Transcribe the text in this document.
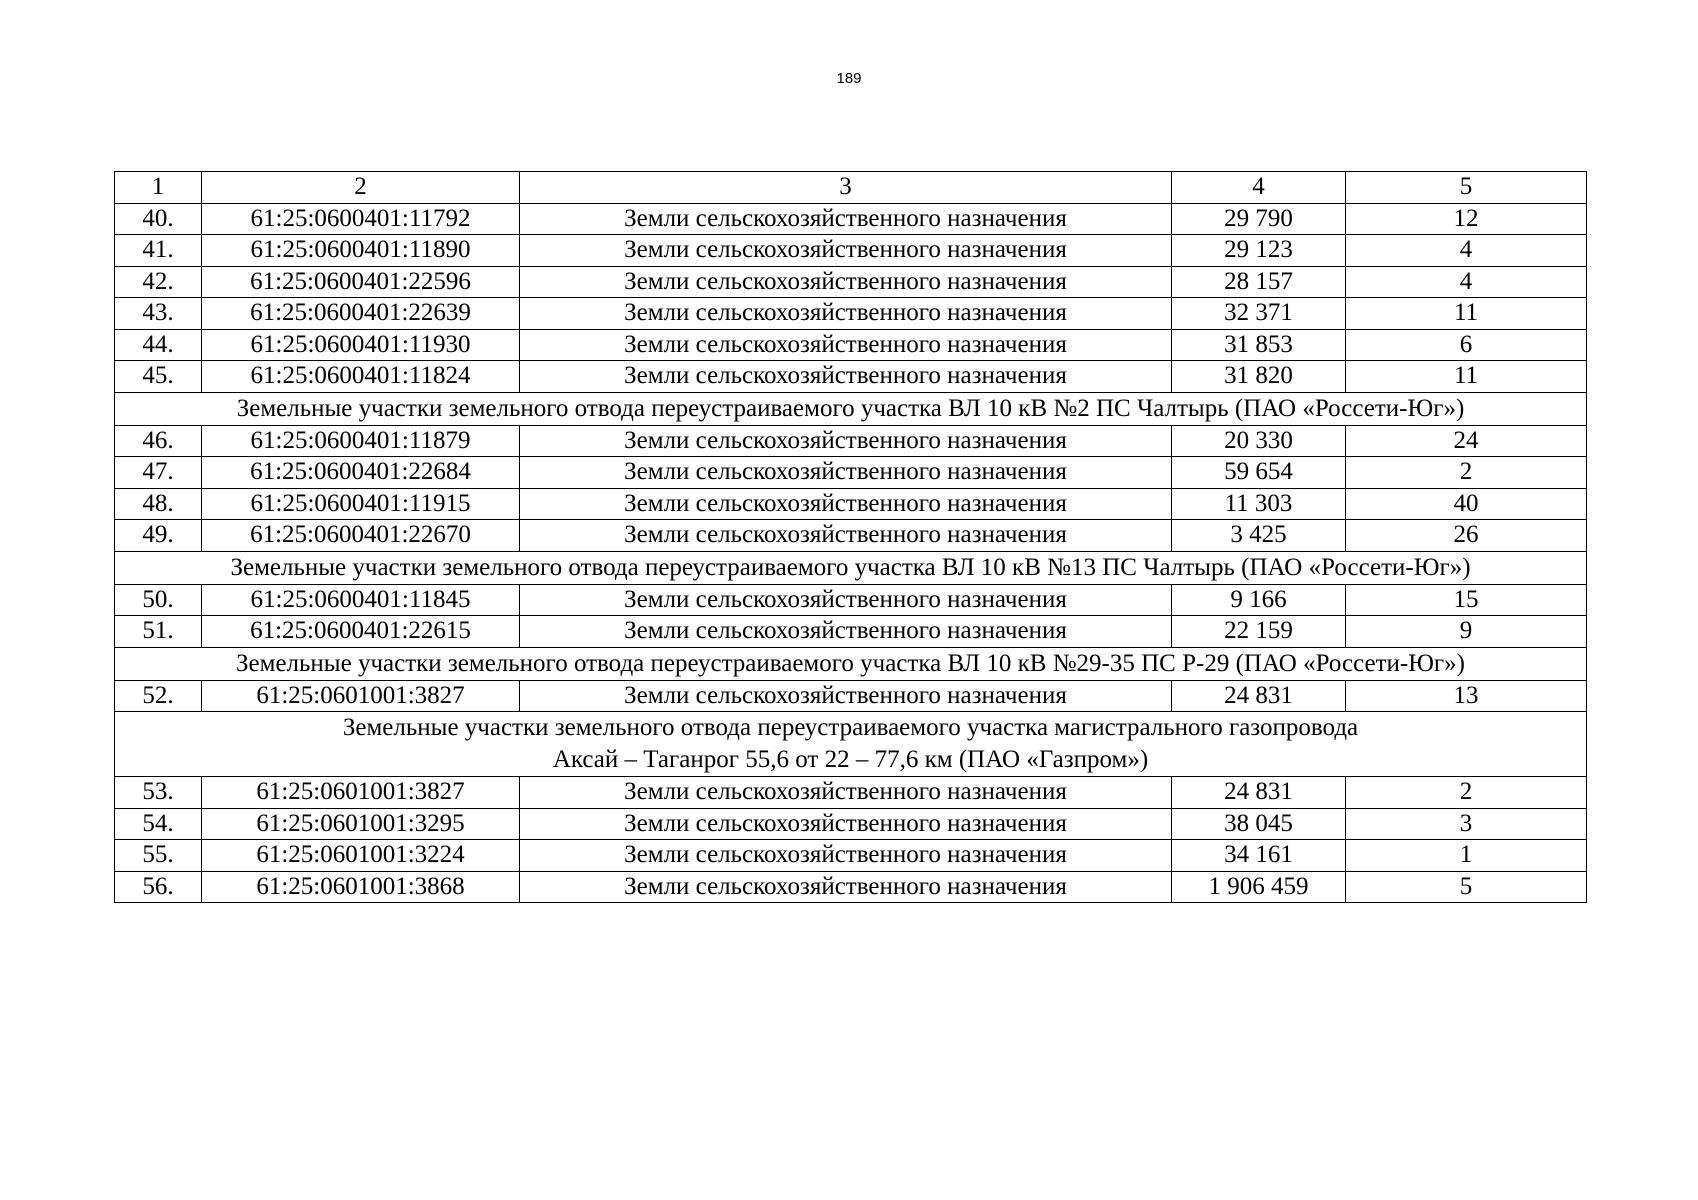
189
1	2	3	4	5
40.	61:25:0600401:11792	Земли сельскохозяйственного назначения	29 790	12
41.	61:25:0600401:11890	Земли сельскохозяйственного назначения	29 123	4
42.	61:25:0600401:22596	Земли сельскохозяйственного назначения	28 157	4
43.	61:25:0600401:22639	Земли сельскохозяйственного назначения	32 371	11
44.	61:25:0600401:11930	Земли сельскохозяйственного назначения	31 853	6
45.	61:25:0600401:11824	Земли сельскохозяйственного назначения	31 820	11

Земельные участки земельного отвода переустраиваемого участка ВЛ 10 кВ №2 ПС Чалтырь (ПАО «Россети-Юг»)				

46.	61:25:0600401:11879	Земли сельскохозяйственного назначения	20 330	24
47.	61:25:0600401:22684	Земли сельскохозяйственного назначения	59 654	2
48.	61:25:0600401:11915	Земли сельскохозяйственного назначения	11 303	40
49.	61:25:0600401:22670	Земли сельскохозяйственного назначения	3 425	26

Земельные участки земельного отвода переустраиваемого участка ВЛ 10 кВ №13 ПС Чалтырь (ПАО «Россети-Юг»)				

50.	61:25:0600401:11845	Земли сельскохозяйственного назначения	9 166	15
51.	61:25:0600401:22615	Земли сельскохозяйственного назначения	22 159	9

Земельные участки земельного отвода переустраиваемого участка ВЛ 10 кВ №29-35 ПС Р-29 (ПАО «Россети-Юг»)				

52.	61:25:0601001:3827	Земли сельскохозяйственного назначения	24 831	13

Земельные участки земельного отвода переустраиваемого участка магистрального газопровода
Аксай – Таганрог 55,6 от 22 – 77,6 км (ПАО «Газпром»)				

53.	61:25:0601001:3827	Земли сельскохозяйственного назначения	24 831	2
54.	61:25:0601001:3295	Земли сельскохозяйственного назначения	38 045	3
55.	61:25:0601001:3224	Земли сельскохозяйственного назначения	34 161	1
56.	61:25:0601001:3868	Земли сельскохозяйственного назначения	1 906 459	5
